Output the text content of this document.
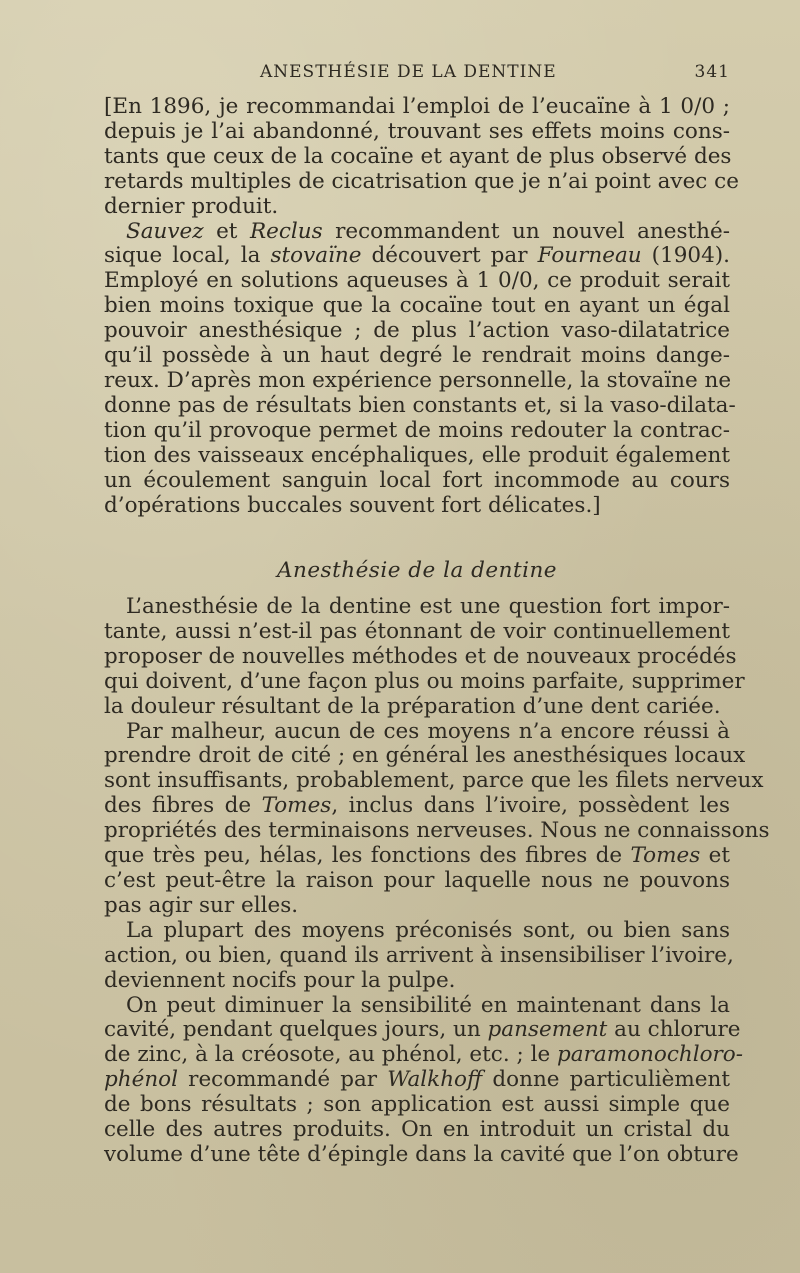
ANESTHÉSIE DE LA DENTINE	341

[En 1896, je recommandai l’emploi de l’eucaïne à 1 0/0 ;

depuis je l’ai abandonné, trouvant ses effets moins cons-

tants que ceux de la cocaïne et ayant de plus observé des

retards multiples de cicatrisation que je n’ai point avec ce

dernier produit.

Sauvez et Reclus recommandent un nouvel anesthé-

sique local, la stovaïne découvert par Fourneau (1904).

Employé en solutions aqueuses à 1 0/0, ce produit serait

bien moins toxique que la cocaïne tout en ayant un égal

pouvoir anesthésique ; de plus l’action vaso-dilatatrice

qu’il possède à un haut degré le rendrait moins dange-

reux. D’après mon expérience personnelle, la stovaïne ne

donne pas de résultats bien constants et, si la vaso-dilata-

tion qu’il provoque permet de moins redouter la contrac-

tion des vaisseaux encéphaliques, elle produit également

un écoulement sanguin local fort incommode au cours

d’opérations buccales souvent fort délicates.]

Anesthésie de la dentine

L’anesthésie de la dentine est une question fort impor-

tante, aussi n’est-il pas étonnant de voir continuellement

proposer de nouvelles méthodes et de nouveaux procédés

qui doivent, d’une façon plus ou moins parfaite, supprimer

la douleur résultant de la préparation d’une dent cariée.

Par malheur, aucun de ces moyens n’a encore réussi à

prendre droit de cité ; en général les anesthésiques locaux

sont insuffisants, probablement, parce que les filets nerveux

des fibres de Tomes, inclus dans l’ivoire, possèdent les

propriétés des terminaisons nerveuses. Nous ne connaissons

que très peu, hélas, les fonctions des fibres de Tomes et

c’est peut-être la raison pour laquelle nous ne pouvons

pas agir sur elles.

La plupart des moyens préconisés sont, ou bien sans

action, ou bien, quand ils arrivent à insensibiliser l’ivoire,

deviennent nocifs pour la pulpe.

On peut diminuer la sensibilité en maintenant dans la

cavité, pendant quelques jours, un pansement au chlorure

de zinc, à la créosote, au phénol, etc. ; le paramonochloro-

phénol recommandé par Walkhoff donne particulièment

de bons résultats ; son application est aussi simple que

celle des autres produits. On en introduit un cristal du

volume d’une tête d’épingle dans la cavité que l’on obture
